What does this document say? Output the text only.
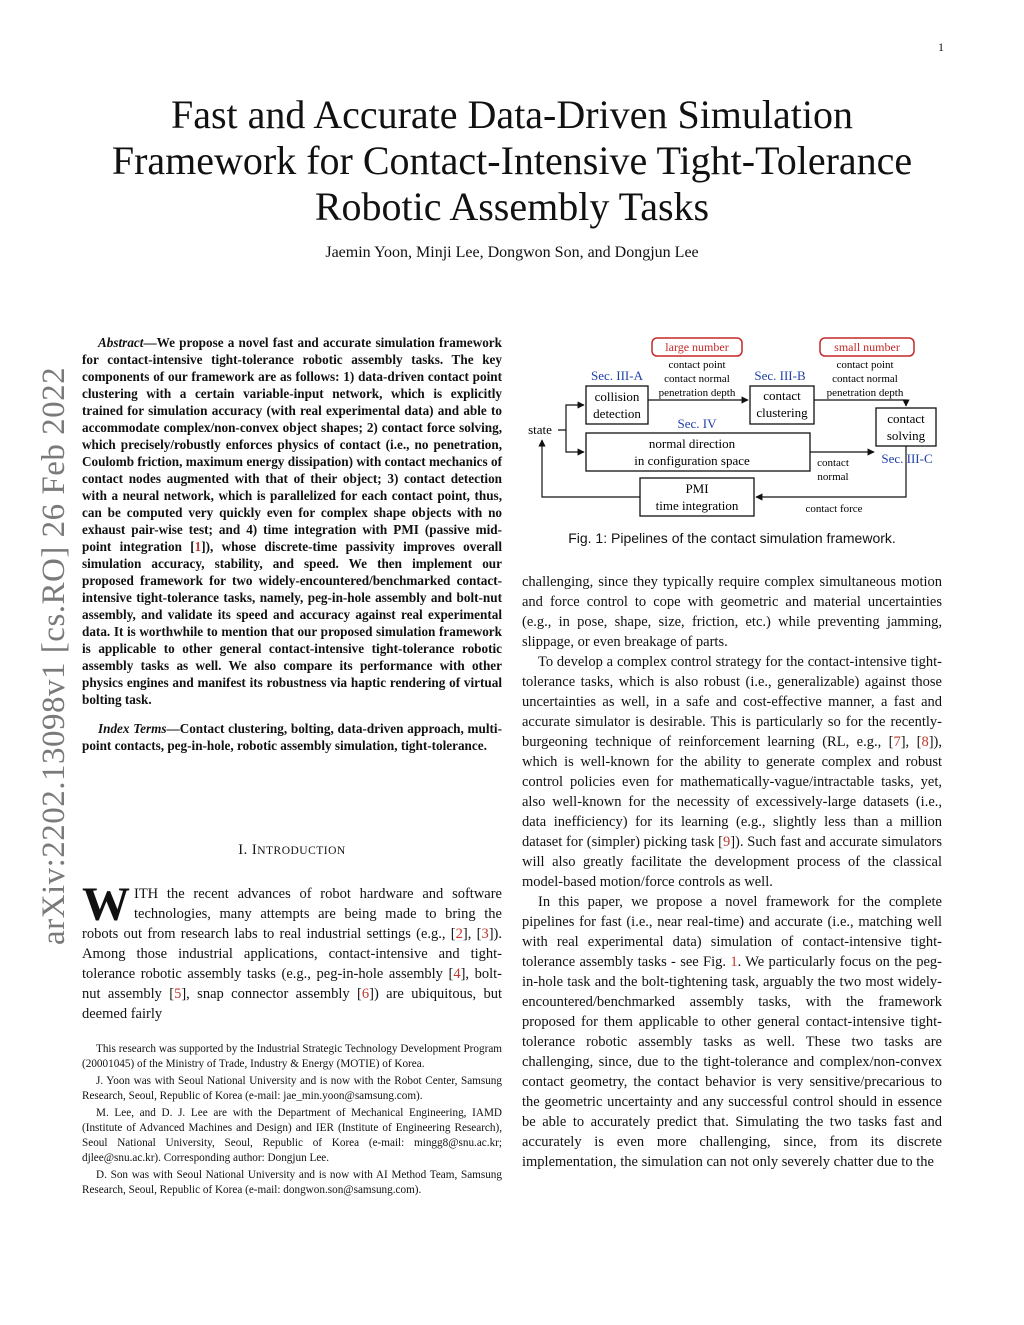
1
arXiv:2202.13098v1 [cs.RO] 26 Feb 2022
Fast and Accurate Data-Driven Simulation Framework for Contact-Intensive Tight-Tolerance Robotic Assembly Tasks
Jaemin Yoon, Minji Lee, Dongwon Son, and Dongjun Lee

Abstract—We propose a novel fast and accurate simulation framework for contact-intensive tight-tolerance robotic assembly tasks. The key components of our framework are as follows: 1) data-driven contact point clustering with a certain variable-input network, which is explicitly trained for simulation accuracy (with real experimental data) and able to accommodate complex/non-convex object shapes; 2) contact force solving, which precisely/robustly enforces physics of contact (i.e., no penetration, Coulomb friction, maximum energy dissipation) with contact mechanics of contact nodes augmented with that of their object; 3) contact detection with a neural network, which is parallelized for each contact point, thus, can be computed very quickly even for complex shape objects with no exhaust pair-wise test; and 4) time integration with PMI (passive mid-point integration [1]), whose discrete-time passivity improves overall simulation accuracy, stability, and speed. We then implement our proposed framework for two widely-encountered/benchmarked contact-intensive tight-tolerance tasks, namely, peg-in-hole assembly and bolt-nut assembly, and validate its speed and accuracy against real experimental data. It is worthwhile to mention that our proposed simulation framework is applicable to other general contact-intensive tight-tolerance robotic assembly tasks as well. We also compare its performance with other physics engines and manifest its robustness via haptic rendering of virtual bolting task.

Index Terms—Contact clustering, bolting, data-driven approach, multi-point contacts, peg-in-hole, robotic assembly simulation, tight-tolerance.

I. INTRODUCTION

WITH the recent advances of robot hardware and software technologies, many attempts are being made to bring the robots out from research labs to real industrial settings (e.g., [2], [3]). Among those industrial applications, contact-intensive and tight-tolerance robotic assembly tasks (e.g., peg-in-hole assembly [4], bolt-nut assembly [5], snap connector assembly [6]) are ubiquitous, but deemed fairly

This research was supported by the Industrial Strategic Technology Development Program (20001045) of the Ministry of Trade, Industry & Energy (MOTIE) of Korea.

J. Yoon was with Seoul National University and is now with the Robot Center, Samsung Research, Seoul, Republic of Korea (e-mail: jae_min.yoon@samsung.com).

M. Lee, and D. J. Lee are with the Department of Mechanical Engineering, IAMD (Institute of Advanced Machines and Design) and IER (Institute of Engineering Research), Seoul National University, Seoul, Republic of Korea (e-mail: mingg8@snu.ac.kr; djlee@snu.ac.kr). Corresponding author: Dongjun Lee.

D. Son was with Seoul National University and is now with AI Method Team, Samsung Research, Seoul, Republic of Korea (e-mail: dongwon.son@samsung.com).

large number	small number
Sec. III-A	Sec. III-B
Sec. IV
Sec. III-C
contact point
contact normal
penetration depth
contact point
contact normal
penetration depth
collision
detection
contact
clustering	contact
solving
normal direction
in configuration space
PMI
time integration
state
contact
normal
contact force
Fig. 1: Pipelines of the contact simulation framework.

challenging, since they typically require complex simultaneous motion and force control to cope with geometric and material uncertainties (e.g., in pose, shape, size, friction, etc.) while preventing jamming, slippage, or even breakage of parts.

To develop a complex control strategy for the contact-intensive tight-tolerance tasks, which is also robust (i.e., generalizable) against those uncertainties as well, in a safe and cost-effective manner, a fast and accurate simulator is desirable. This is particularly so for the recently-burgeoning technique of reinforcement learning (RL, e.g., [7], [8]), which is well-known for the ability to generate complex and robust control policies even for mathematically-vague/intractable tasks, yet, also well-known for the necessity of excessively-large datasets (i.e., data inefficiency) for its learning (e.g., slightly less than a million dataset for (simpler) picking task [9]). Such fast and accurate simulators will also greatly facilitate the development process of the classical model-based motion/force controls as well.

In this paper, we propose a novel framework for the complete pipelines for fast (i.e., near real-time) and accurate (i.e., matching well with real experimental data) simulation of contact-intensive tight-tolerance assembly tasks - see Fig. 1. We particularly focus on the peg-in-hole task and the bolt-tightening task, arguably the two most widely-encountered/benchmarked assembly tasks, with the framework proposed for them applicable to other general contact-intensive tight-tolerance robotic assembly tasks as well. These two tasks are challenging, since, due to the tight-tolerance and complex/non-convex contact geometry, the contact behavior is very sensitive/precarious to the geometric uncertainty and any successful control should in essence be able to accurately predict that. Simulating the two tasks fast and accurately is even more challenging, since, from its discrete implementation, the simulation can not only severely chatter due to the
